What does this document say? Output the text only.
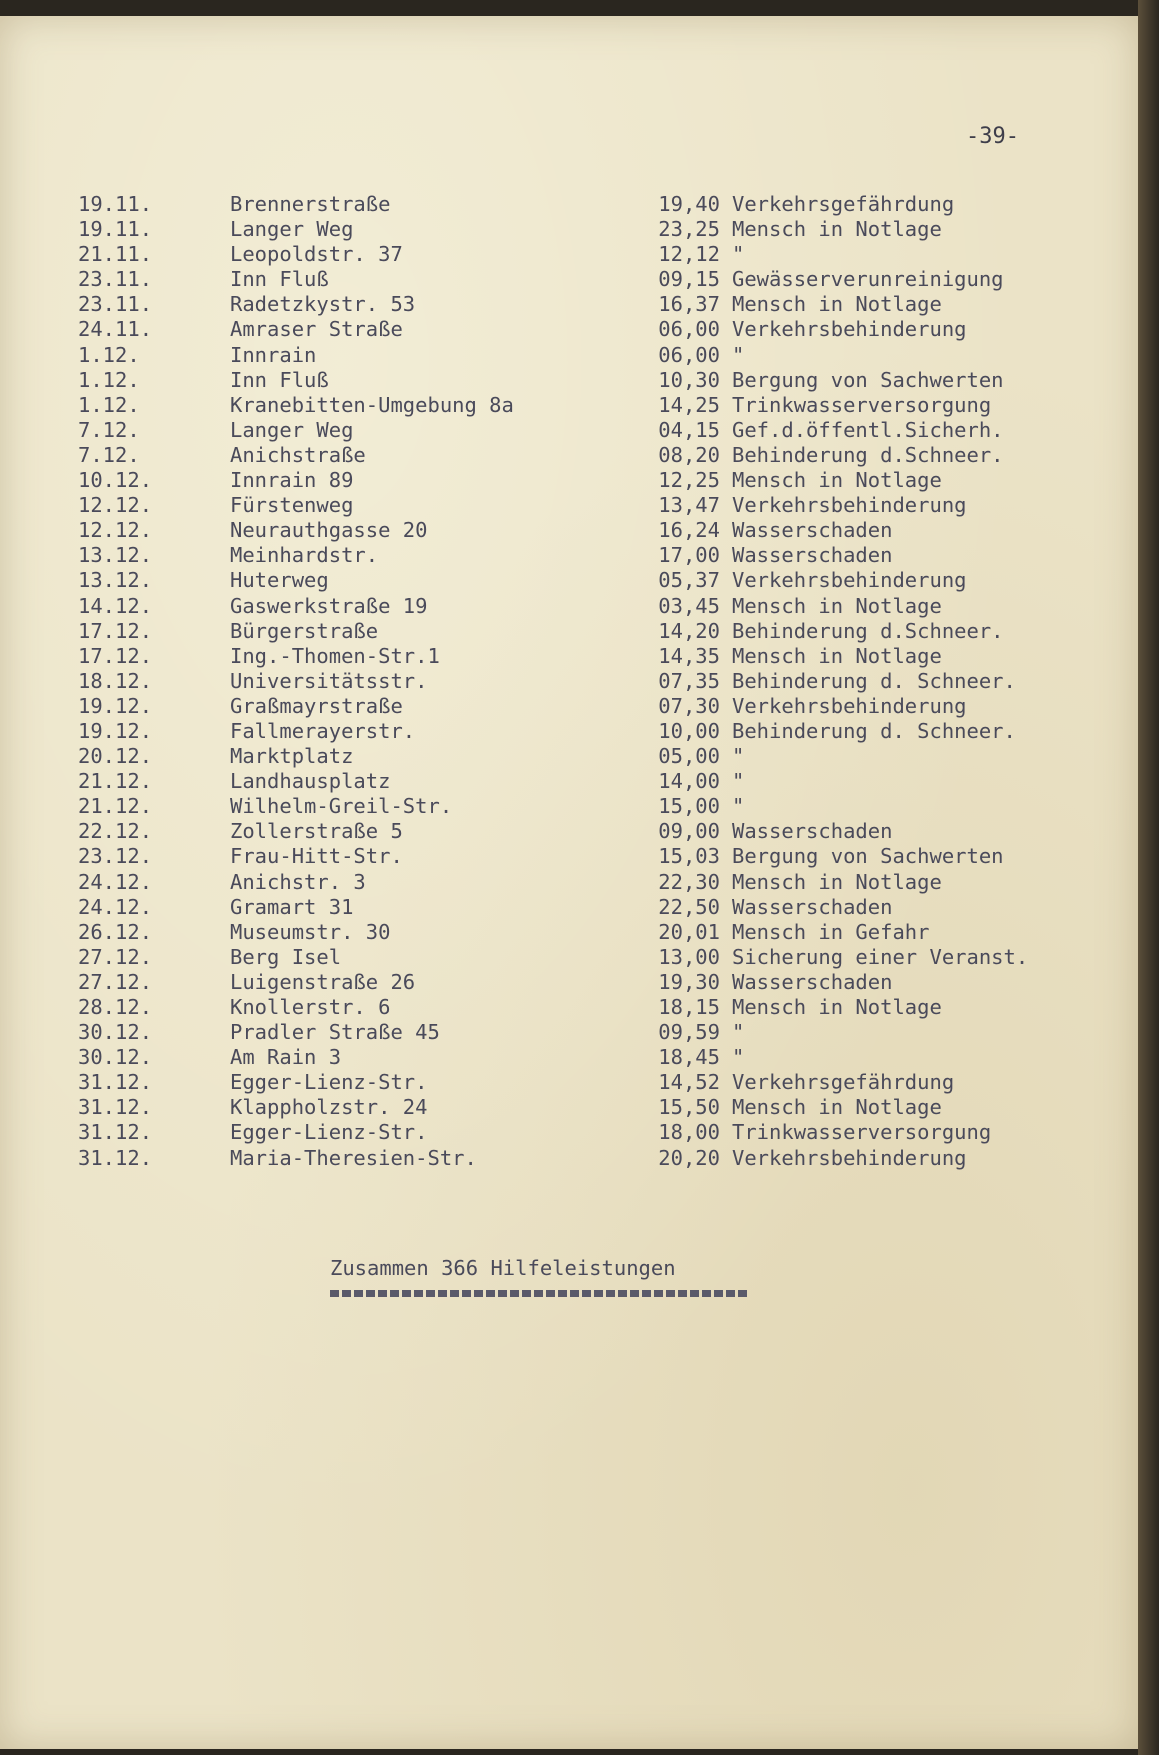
-39-
19.11.	Brennerstraße	19,40 Verkehrsgefährdung
19.11.	Langer Weg	23,25 Mensch in Notlage
21.11.	Leopoldstr. 37	12,12 "
23.11.	Inn Fluß	09,15 Gewässerverunreinigung
23.11.	Radetzkystr. 53	16,37 Mensch in Notlage
24.11.	Amraser Straße	06,00 Verkehrsbehinderung
1.12.	Innrain	06,00 "
1.12.	Inn Fluß	10,30 Bergung von Sachwerten
1.12.	Kranebitten-Umgebung 8a	14,25 Trinkwasserversorgung
7.12.	Langer Weg	04,15 Gef.d.öffentl.Sicherh.
7.12.	Anichstraße	08,20 Behinderung d.Schneer.
10.12.	Innrain 89	12,25 Mensch in Notlage
12.12.	Fürstenweg	13,47 Verkehrsbehinderung
12.12.	Neurauthgasse 20	16,24 Wasserschaden
13.12.	Meinhardstr.	17,00 Wasserschaden
13.12.	Huterweg	05,37 Verkehrsbehinderung
14.12.	Gaswerkstraße 19	03,45 Mensch in Notlage
17.12.	Bürgerstraße	14,20 Behinderung d.Schneer.
17.12.	Ing.-Thomen-Str.1	14,35 Mensch in Notlage
18.12.	Universitätsstr.	07,35 Behinderung d. Schneer.
19.12.	Graßmayrstraße	07,30 Verkehrsbehinderung
19.12.	Fallmerayerstr.	10,00 Behinderung d. Schneer.
20.12.	Marktplatz	05,00 "
21.12.	Landhausplatz	14,00 "
21.12.	Wilhelm-Greil-Str.	15,00 "
22.12.	Zollerstraße 5	09,00 Wasserschaden
23.12.	Frau-Hitt-Str.	15,03 Bergung von Sachwerten
24.12.	Anichstr. 3	22,30 Mensch in Notlage
24.12.	Gramart 31	22,50 Wasserschaden
26.12.	Museumstr. 30	20,01 Mensch in Gefahr
27.12.	Berg Isel	13,00 Sicherung einer Veranst.
27.12.	Luigenstraße 26	19,30 Wasserschaden
28.12.	Knollerstr. 6	18,15 Mensch in Notlage
30.12.	Pradler Straße 45	09,59 "
30.12.	Am Rain 3	18,45 "
31.12.	Egger-Lienz-Str.	14,52 Verkehrsgefährdung
31.12.	Klappholzstr. 24	15,50 Mensch in Notlage
31.12.	Egger-Lienz-Str.	18,00 Trinkwasserversorgung
31.12.	Maria-Theresien-Str.	20,20 Verkehrsbehinderung
Zusammen 366 Hilfeleistungen
